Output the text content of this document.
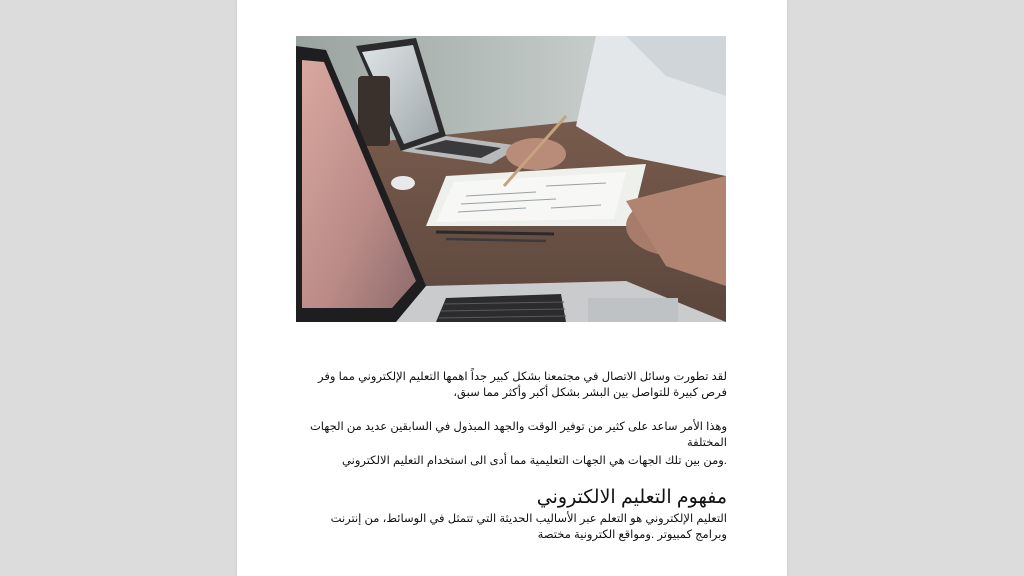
لقد تطورت وسائل الاتصال في مجتمعنا بشكل كبير جداً اهمها التعليم الإلكتروني مما وفر فرص كبيرة للتواصل بين البشر بشكل أكبر وأكثر مما سبق،

وهذا الأمر ساعد على كثير من توفير الوقت والجهد المبذول في السابقين عديد من الجهات المختلفة

.ومن بين تلك الجهات هي الجهات التعليمية مما أدى الى استخدام التعليم الالكتروني

مفهوم التعليم الالكتروني

التعليم الإلكتروني هو التعلم عبر الأساليب الحديثة التي تتمثل في الوسائط، من إنترنت وبرامج كمبيوتر .ومواقع الكترونية مختصة
